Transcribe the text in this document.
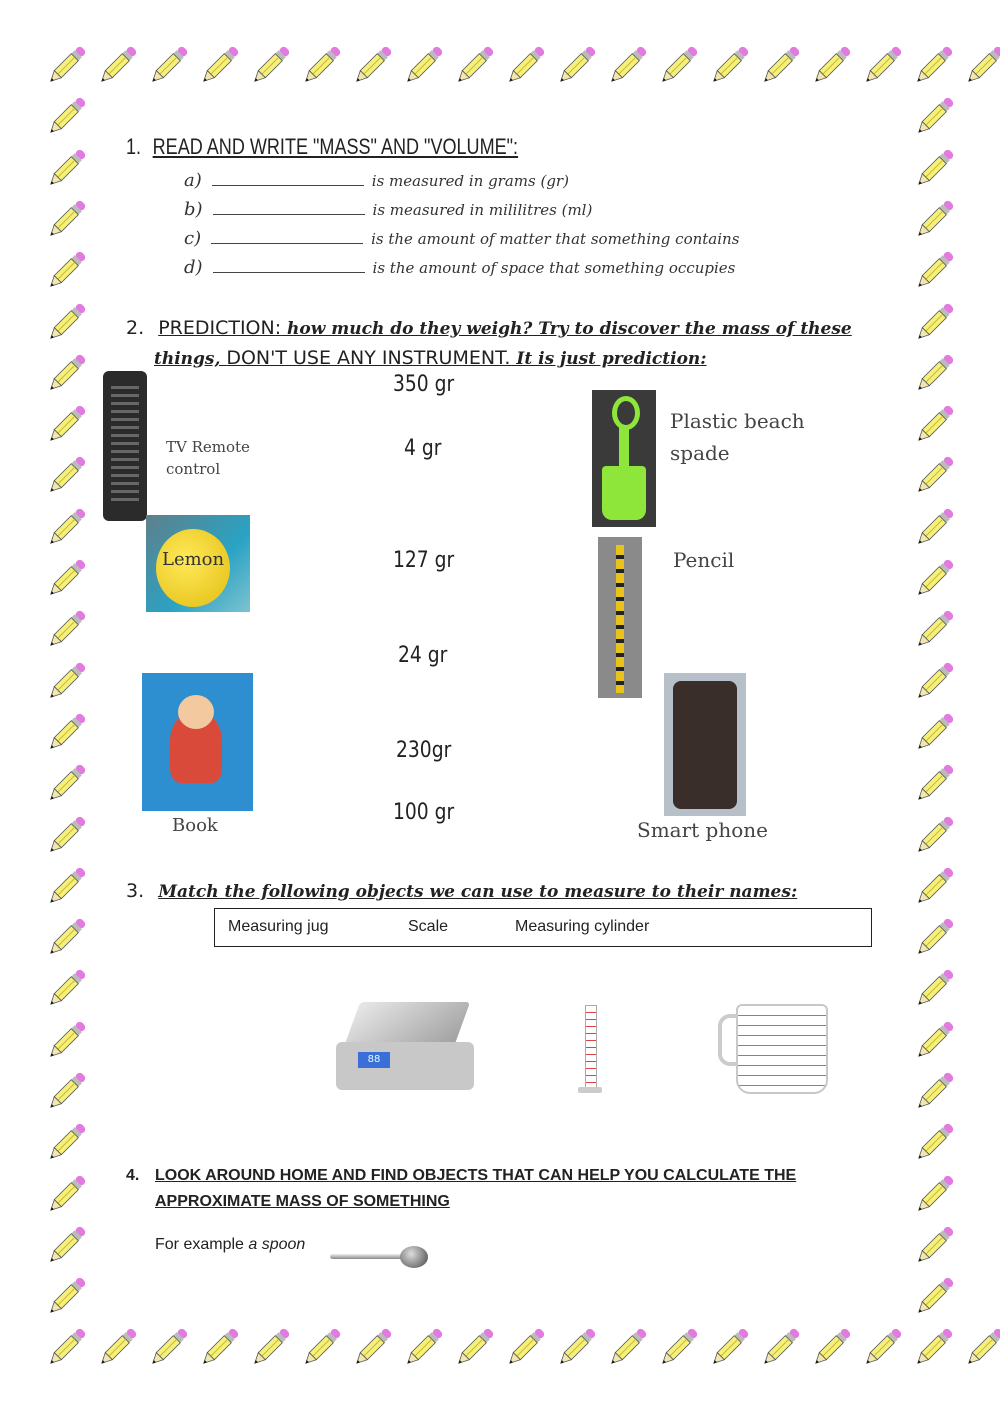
1. READ AND WRITE "MASS" AND "VOLUME":
a)	is measured in grams (gr)
b)	is measured in mililitres (ml)
c)	is the amount of matter that something contains
d)	is the amount of space that something occupies
2. PREDICTION: how much do they weigh? Try to discover the mass of these
things, DON'T USE ANY INSTRUMENT. It is just prediction:
350 gr
4 gr
127 gr
24 gr
230gr
100 gr
TV Remote control
Lemon
Book
Plastic beach
spade
Pencil
Smart phone
3. Match the following objects we can use to measure to their names:
Measuring jug	Scale	Measuring cylinder
88
4. LOOK AROUND HOME AND FIND OBJECTS THAT CAN HELP YOU CALCULATE THE
APPROXIMATE MASS OF SOMETHING
For example a spoon
